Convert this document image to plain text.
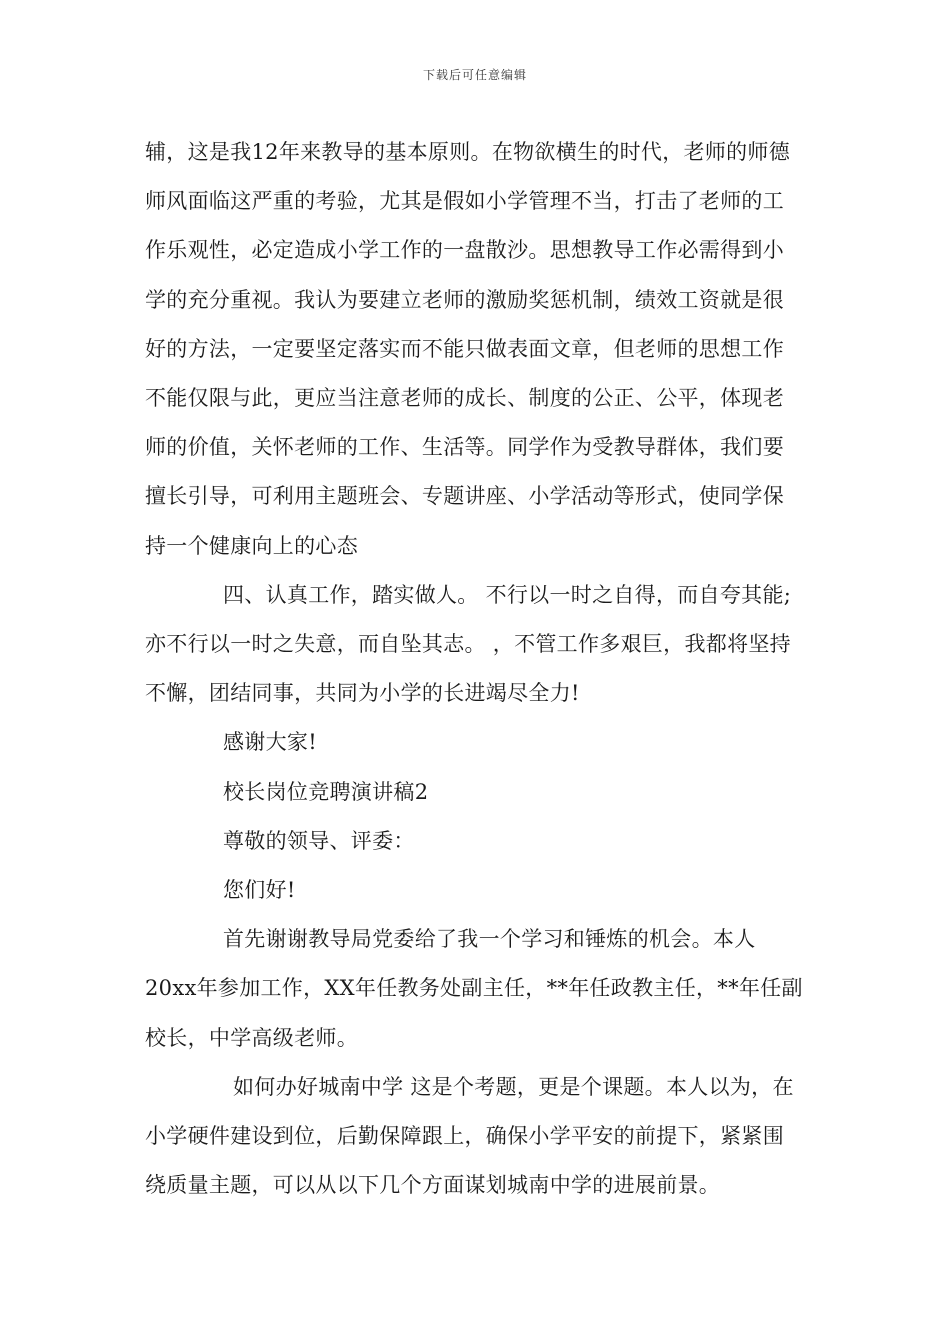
下载后可任意编辑

辅，这是我12年来教导的基本原则。在物欲横生的时代，老师的师德师风面临这严重的考验，尤其是假如小学管理不当，打击了老师的工作乐观性，必定造成小学工作的一盘散沙。思想教导工作必需得到小学的充分重视。我认为要建立老师的激励奖惩机制，绩效工资就是很好的方法，一定要坚定落实而不能只做表面文章，但老师的思想工作不能仅限与此，更应当注意老师的成长、制度的公正、公平，体现老师的价值，关怀老师的工作、生活等。同学作为受教导群体，我们要擅长引导，可利用主题班会、专题讲座、小学活动等形式，使同学保持一个健康向上的心态

四、认真工作，踏实做人。 不行以一时之自得，而自夸其能;亦不行以一时之失意，而自坠其志。 ，不管工作多艰巨，我都将坚持不懈，团结同事，共同为小学的长进竭尽全力!

感谢大家!

校长岗位竞聘演讲稿2

尊敬的领导、评委：

您们好!

首先谢谢教导局党委给了我一个学习和锤炼的机会。本人20xx年参加工作，XX年任教务处副主任，**年任政教主任，**年任副校长，中学高级老师。

如何办好城南中学 这是个考题，更是个课题。本人以为，在小学硬件建设到位，后勤保障跟上，确保小学平安的前提下，紧紧围绕质量主题，可以从以下几个方面谋划城南中学的进展前景。
